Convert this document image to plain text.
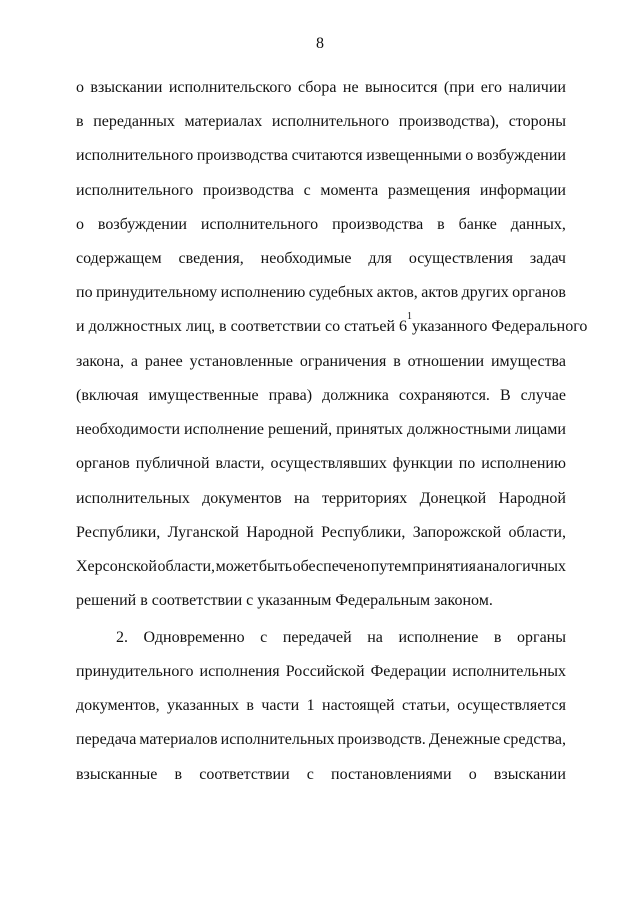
8
о взыскании исполнительского сбора не выносится (при его наличии
в переданных материалах исполнительного производства), стороны
исполнительного производства считаются извещенными о возбуждении
исполнительного производства с момента размещения информации
о возбуждении исполнительного производства в банке данных,
содержащем сведения, необходимые для осуществления задач
по принудительному исполнению судебных актов, актов других органов
и должностных лиц, в соответствии со статьей 6
1
указанного Федерального
закона, а ранее установленные ограничения в отношении имущества
(включая имущественные права) должника сохраняются. В случае
необходимости исполнение решений, принятых должностными лицами
органов публичной власти, осуществлявших функции по исполнению
исполнительных документов на территориях Донецкой Народной
Республики, Луганской Народной Республики, Запорожской области,
Херсонской области, может быть обеспечено путем принятия аналогичных
решений в соответствии с указанным Федеральным законом.
2. Одновременно с передачей на исполнение в органы
принудительного исполнения Российской Федерации исполнительных
документов, указанных в части 1 настоящей статьи, осуществляется
передача материалов исполнительных производств. Денежные средства,
взысканные в соответствии с постановлениями о взыскании
